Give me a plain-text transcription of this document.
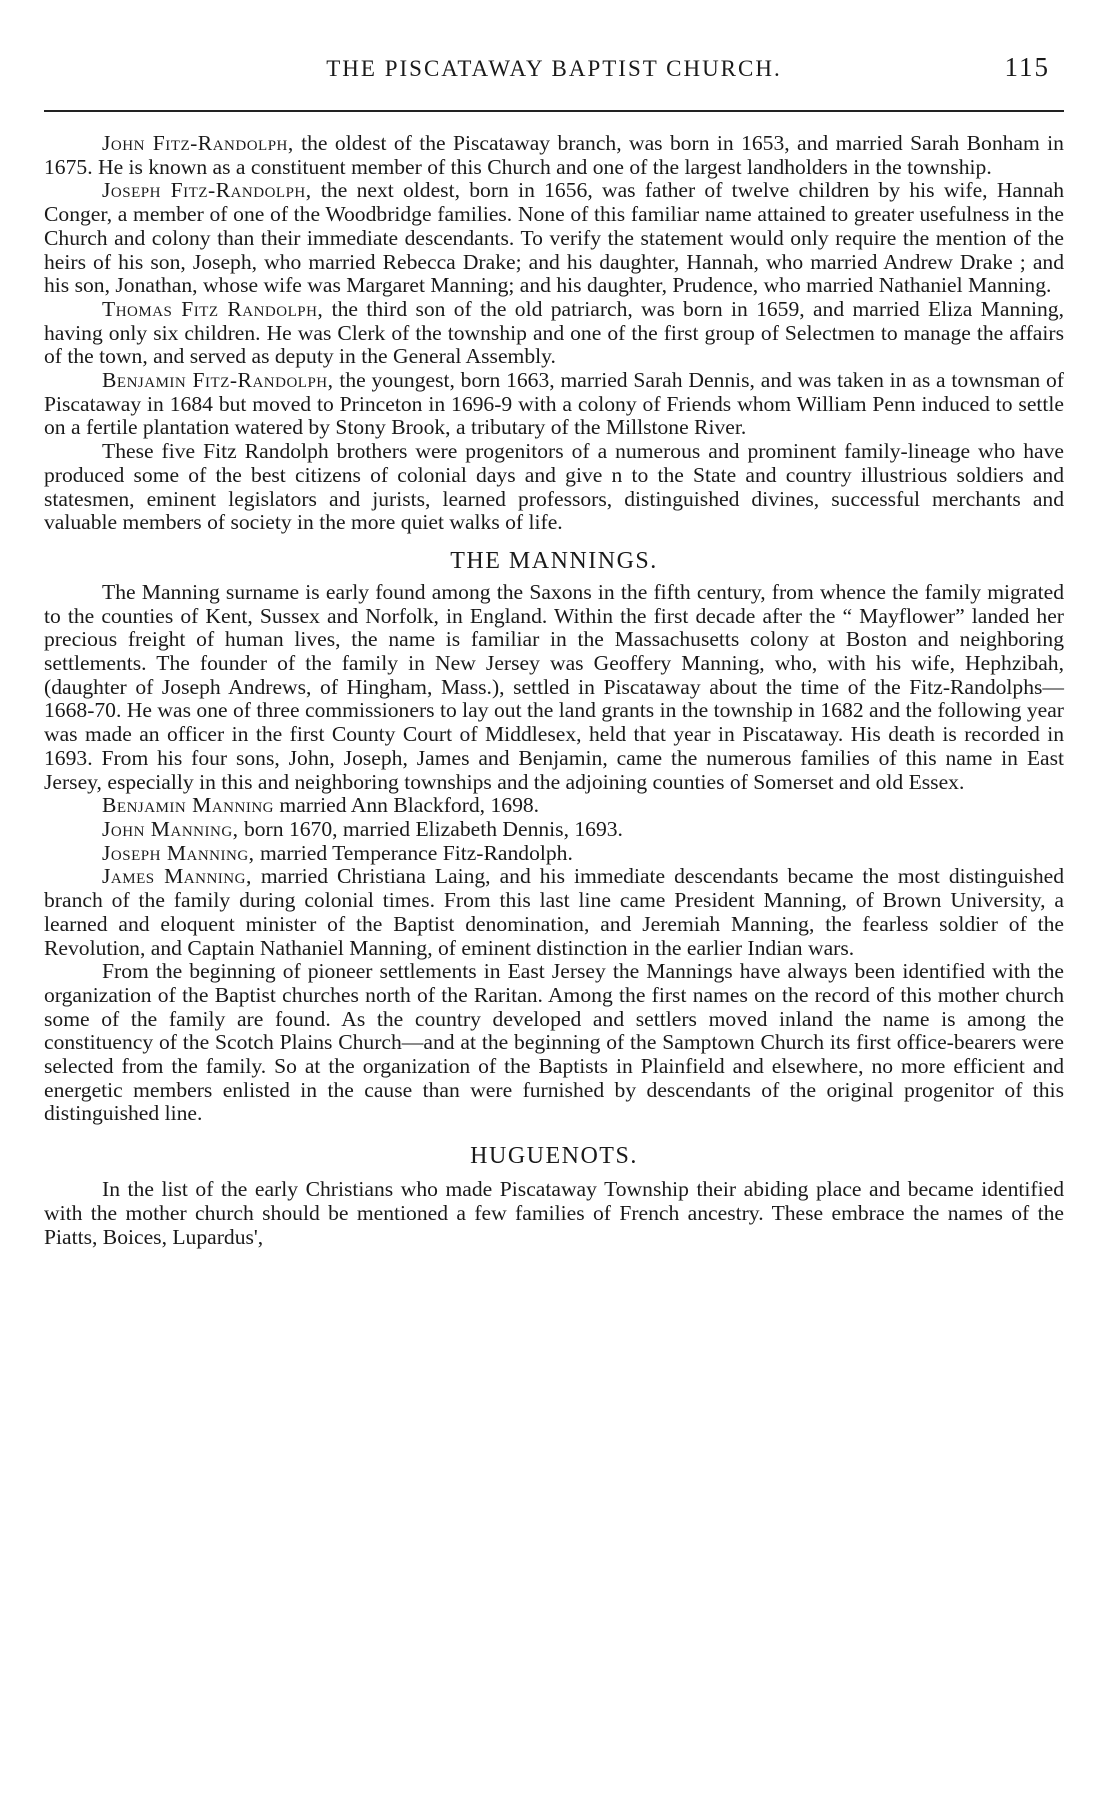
THE PISCATAWAY BAPTIST CHURCH.	115

John Fitz-Randolph, the oldest of the Piscataway branch, was born in 1653, and married Sarah Bonham in 1675. He is known as a constituent member of this Church and one of the largest landholders in the township.

Joseph Fitz-Randolph, the next oldest, born in 1656, was father of twelve children by his wife, Hannah Conger, a member of one of the Woodbridge families. None of this familiar name attained to greater usefulness in the Church and colony than their immediate descendants. To verify the statement would only require the mention of the heirs of his son, Joseph, who married Rebecca Drake; and his daughter, Hannah, who married Andrew Drake ; and his son, Jonathan, whose wife was Margaret Manning; and his daughter, Prudence, who married Nathaniel Manning.

Thomas Fitz Randolph, the third son of the old patriarch, was born in 1659, and married Eliza Manning, having only six children. He was Clerk of the township and one of the first group of Selectmen to manage the affairs of the town, and served as deputy in the General Assembly.

Benjamin Fitz-Randolph, the youngest, born 1663, married Sarah Dennis, and was taken in as a townsman of Piscataway in 1684 but moved to Princeton in 1696-9 with a colony of Friends whom William Penn induced to settle on a fertile plantation watered by Stony Brook, a tributary of the Millstone River.

These five Fitz Randolph brothers were progenitors of a numerous and prominent family-lineage who have produced some of the best citizens of colonial days and give n to the State and country illustrious soldiers and statesmen, eminent legislators and jurists, learned professors, distinguished divines, successful merchants and valuable members of society in the more quiet walks of life.

THE MANNINGS.

The Manning surname is early found among the Saxons in the fifth century, from whence the family migrated to the counties of Kent, Sussex and Norfolk, in England. Within the first decade after the “ Mayflower” landed her precious freight of human lives, the name is familiar in the Massachusetts colony at Boston and neighboring settlements. The founder of the family in New Jersey was Geoffery Manning, who, with his wife, Hephzibah, (daughter of Joseph Andrews, of Hingham, Mass.), settled in Piscataway about the time of the Fitz-Randolphs—1668-70. He was one of three commissioners to lay out the land grants in the township in 1682 and the following year was made an officer in the first County Court of Middlesex, held that year in Piscataway. His death is recorded in 1693. From his four sons, John, Joseph, James and Benjamin, came the numerous families of this name in East Jersey, especially in this and neighboring townships and the adjoining counties of Somerset and old Essex.

Benjamin Manning married Ann Blackford, 1698.

John Manning, born 1670, married Elizabeth Dennis, 1693.

Joseph Manning, married Temperance Fitz-Randolph.

James Manning, married Christiana Laing, and his immediate descendants became the most distinguished branch of the family during colonial times. From this last line came President Manning, of Brown University, a learned and eloquent minister of the Baptist denomination, and Jeremiah Manning, the fearless soldier of the Revolution, and Captain Nathaniel Manning, of eminent distinction in the earlier Indian wars.

From the beginning of pioneer settlements in East Jersey the Mannings have always been identified with the organization of the Baptist churches north of the Raritan. Among the first names on the record of this mother church some of the family are found. As the country developed and settlers moved inland the name is among the constituency of the Scotch Plains Church—and at the beginning of the Samptown Church its first office-bearers were selected from the family. So at the organization of the Baptists in Plainfield and elsewhere, no more efficient and energetic members enlisted in the cause than were furnished by descendants of the original progenitor of this distinguished line.

HUGUENOTS.

In the list of the early Christians who made Piscataway Township their abiding place and became identified with the mother church should be mentioned a few families of French ancestry. These embrace the names of the Piatts, Boices, Lupardus',
